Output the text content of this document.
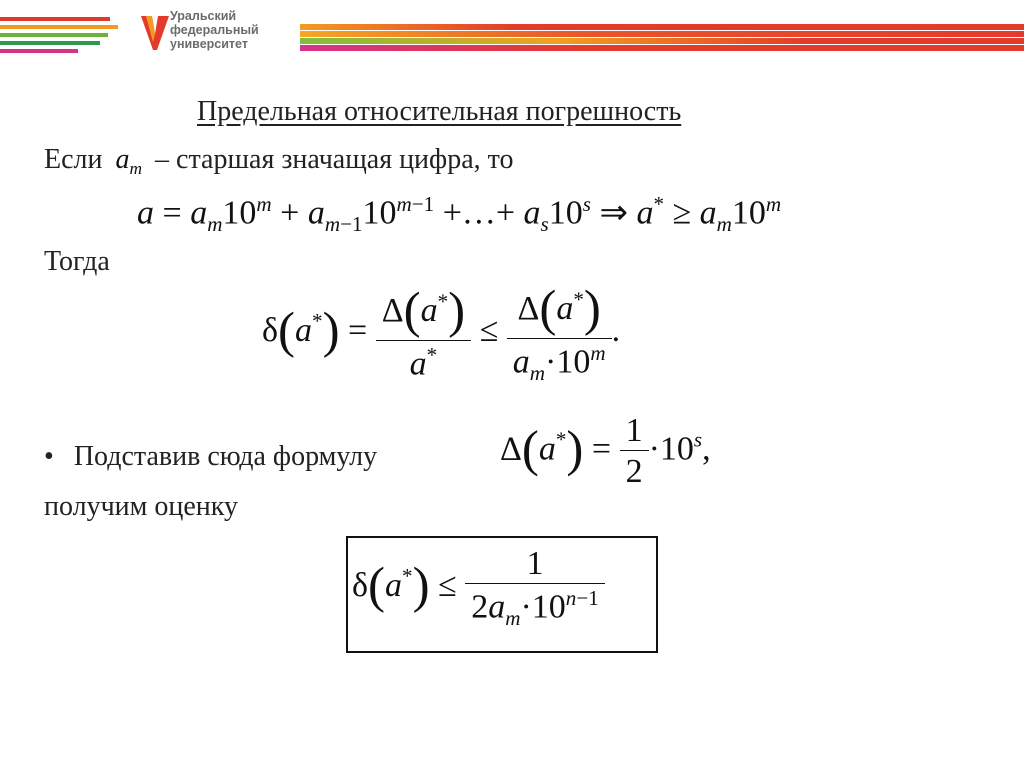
Уральский
федеральный
университет
Предельная относительная погрешность
Если $a_m$ – старшая значащая цифра, то
$a = a_m10^m + a_{m-1}10^{m-1}$ +…+ $a_s10^s$ ⇒ $a^* \ge a_m10^m$
Тогда
$\delta(a^*) = \frac{\Delta(a^*)}{a^*} \le \frac{\Delta(a^*)}{a_m\cdot 10^m}$ .
• Подставив сюда формулу	$\Delta(a^*) = \frac{1}{2} \cdot 10^s$,
получим оценку
$\delta(a^*) \le \frac{1}{2a_m\cdot 10^{n-1}}$
